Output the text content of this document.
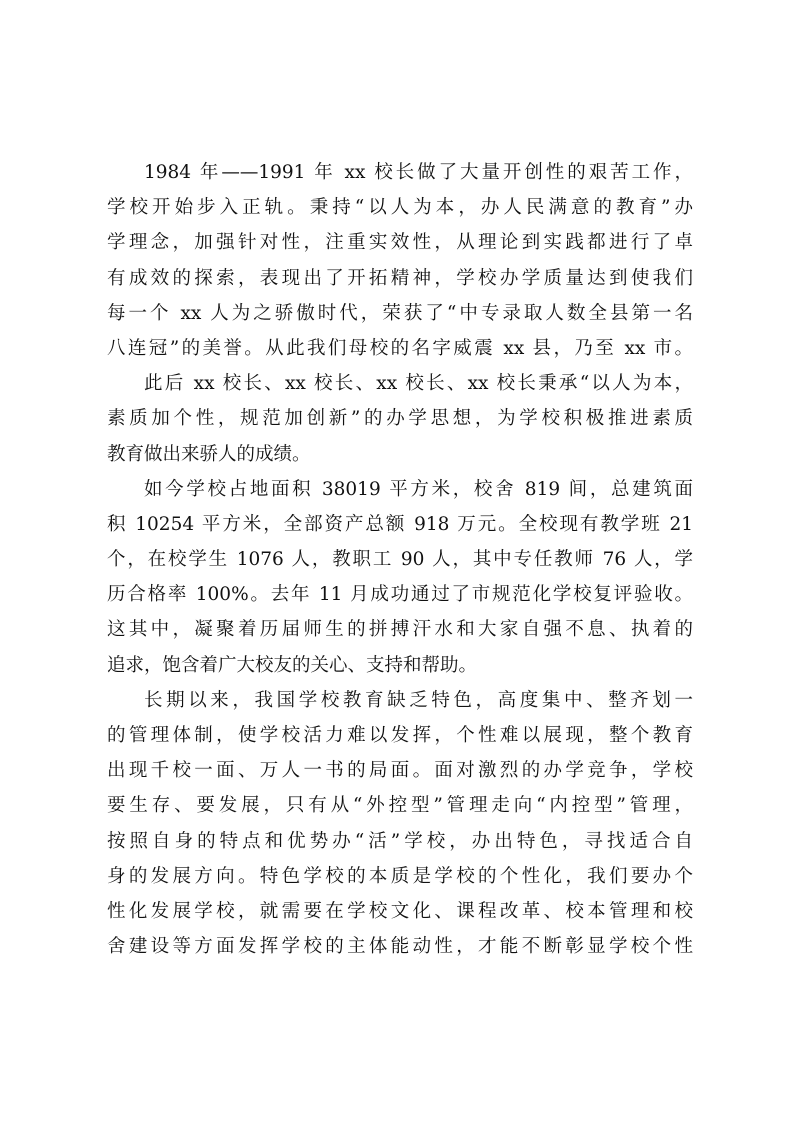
1984 年——1991 年 xx 校长做了大量开创性的艰苦工作，
学校开始步入正轨。秉持“以人为本，办人民满意的教育”办
学理念，加强针对性，注重实效性，从理论到实践都进行了卓
有成效的探索，表现出了开拓精神，学校办学质量达到使我们
每一个 xx 人为之骄傲时代，荣获了“中专录取人数全县第一名
八连冠”的美誉。从此我们母校的名字威震 xx 县，乃至 xx 市。

此后 xx 校长、xx 校长、xx 校长、xx 校长秉承“以人为本，
素质加个性，规范加创新”的办学思想，为学校积极推进素质
教育做出来骄人的成绩。

如今学校占地面积 38019 平方米，校舍 819 间，总建筑面
积 10254 平方米，全部资产总额 918 万元。全校现有教学班 21
个，在校学生 1076 人，教职工 90 人，其中专任教师 76 人，学
历合格率 100%。去年 11 月成功通过了市规范化学校复评验收。
这其中，凝聚着历届师生的拼搏汗水和大家自强不息、执着的
追求，饱含着广大校友的关心、支持和帮助。

长期以来，我国学校教育缺乏特色，高度集中、整齐划一
的管理体制，使学校活力难以发挥，个性难以展现，整个教育
出现千校一面、万人一书的局面。面对激烈的办学竞争，学校
要生存、要发展，只有从“外控型”管理走向“内控型”管理，
按照自身的特点和优势办“活”学校，办出特色，寻找适合自
身的发展方向。特色学校的本质是学校的个性化，我们要办个
性化发展学校，就需要在学校文化、课程改革、校本管理和校
舍建设等方面发挥学校的主体能动性，才能不断彰显学校个性
